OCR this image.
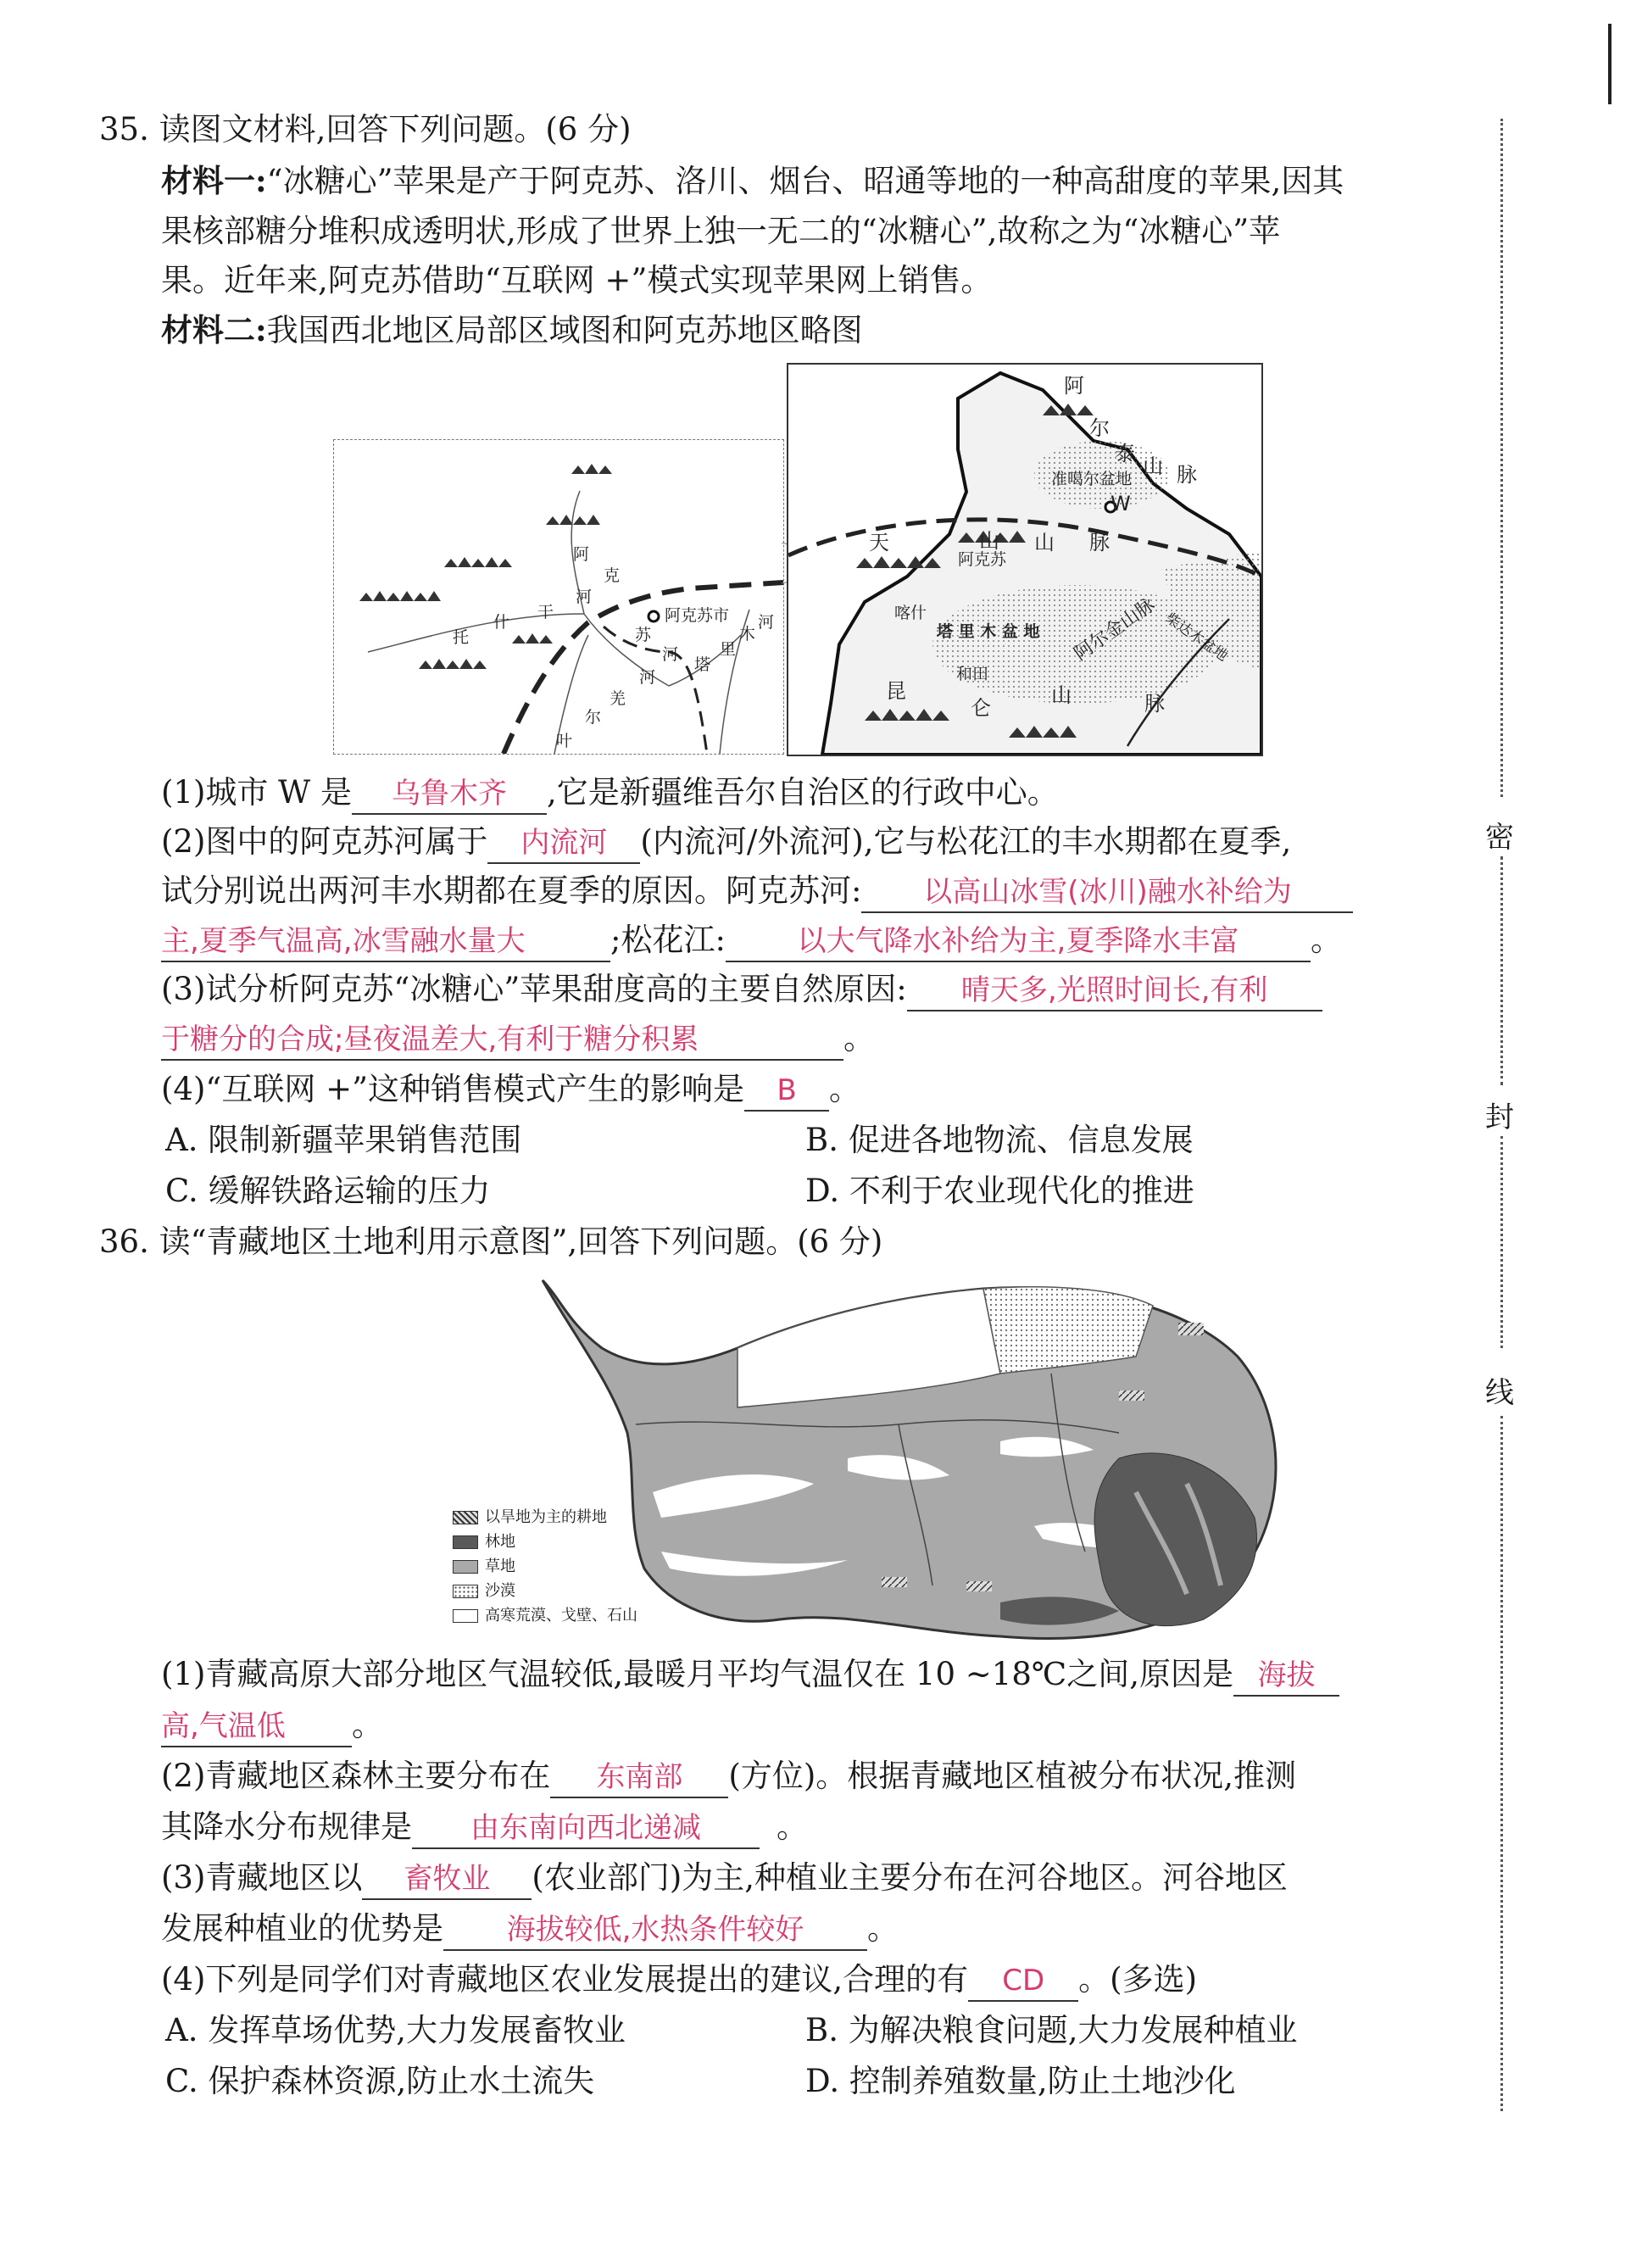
密
封
线
35. 读图文材料,回答下列问题。(6 分)
材料一:“冰糖心”苹果是产于阿克苏、洛川、烟台、昭通等地的一种高甜度的苹果,因其
果核部糖分堆积成透明状,形成了世界上独一无二的“冰糖心”,故称之为“冰糖心”苹
果。近年来,阿克苏借助“互联网 +”模式实现苹果网上销售。
材料二:我国西北地区局部区域图和阿克苏地区略图
阿克苏市
阿
克
苏
河
托
什
干
河
叶
尔
羌
河
塔
里
木
河
阿
尔
泰
山 脉
准噶尔盆地
W
天	山 山 脉
阿克苏
喀什
塔 里 木 盆 地
和田
昆
仑
山	脉
阿尔金山脉 柴达木盆地
(1)城市 W 是 乌鲁木齐 ,它是新疆维吾尔自治区的行政中心。
(2)图中的阿克苏河属于 内流河 (内流河/外流河),它与松花江的丰水期都在夏季,
试分别说出两河丰水期都在夏季的原因。阿克苏河: 以高山冰雪(冰川)融水补给为
主,夏季气温高,冰雪融水量大	;松花江: 以大气降水补给为主,夏季降水丰富 。
(3)试分析阿克苏“冰糖心”苹果甜度高的主要自然原因: 晴天多,光照时间长,有利
于糖分的合成;昼夜温差大,有利于糖分积累	。
(4)“互联网 +”这种销售模式产生的影响是 B 。
A. 限制新疆苹果销售范围	B. 促进各地物流、信息发展
C. 缓解铁路运输的压力	D. 不利于农业现代化的推进
36. 读“青藏地区土地利用示意图”,回答下列问题。(6 分)
以旱地为主的耕地
林地
草地
沙漠
高寒荒漠、戈壁、石山
(1)青藏高原大部分地区气温较低,最暖月平均气温仅在 10 ~18℃之间,原因是 海拔
高,气温低 。
(2)青藏地区森林主要分布在 东南部 (方位)。根据青藏地区植被分布状况,推测
其降水分布规律是 由东南向西北递减 。
(3)青藏地区以 畜牧业 (农业部门)为主,种植业主要分布在河谷地区。河谷地区
发展种植业的优势是 海拔较低,水热条件较好 。
(4)下列是同学们对青藏地区农业发展提出的建议,合理的有 CD 。(多选)
A. 发挥草场优势,大力发展畜牧业	B. 为解决粮食问题,大力发展种植业
C. 保护森林资源,防止水土流失	D. 控制养殖数量,防止土地沙化
